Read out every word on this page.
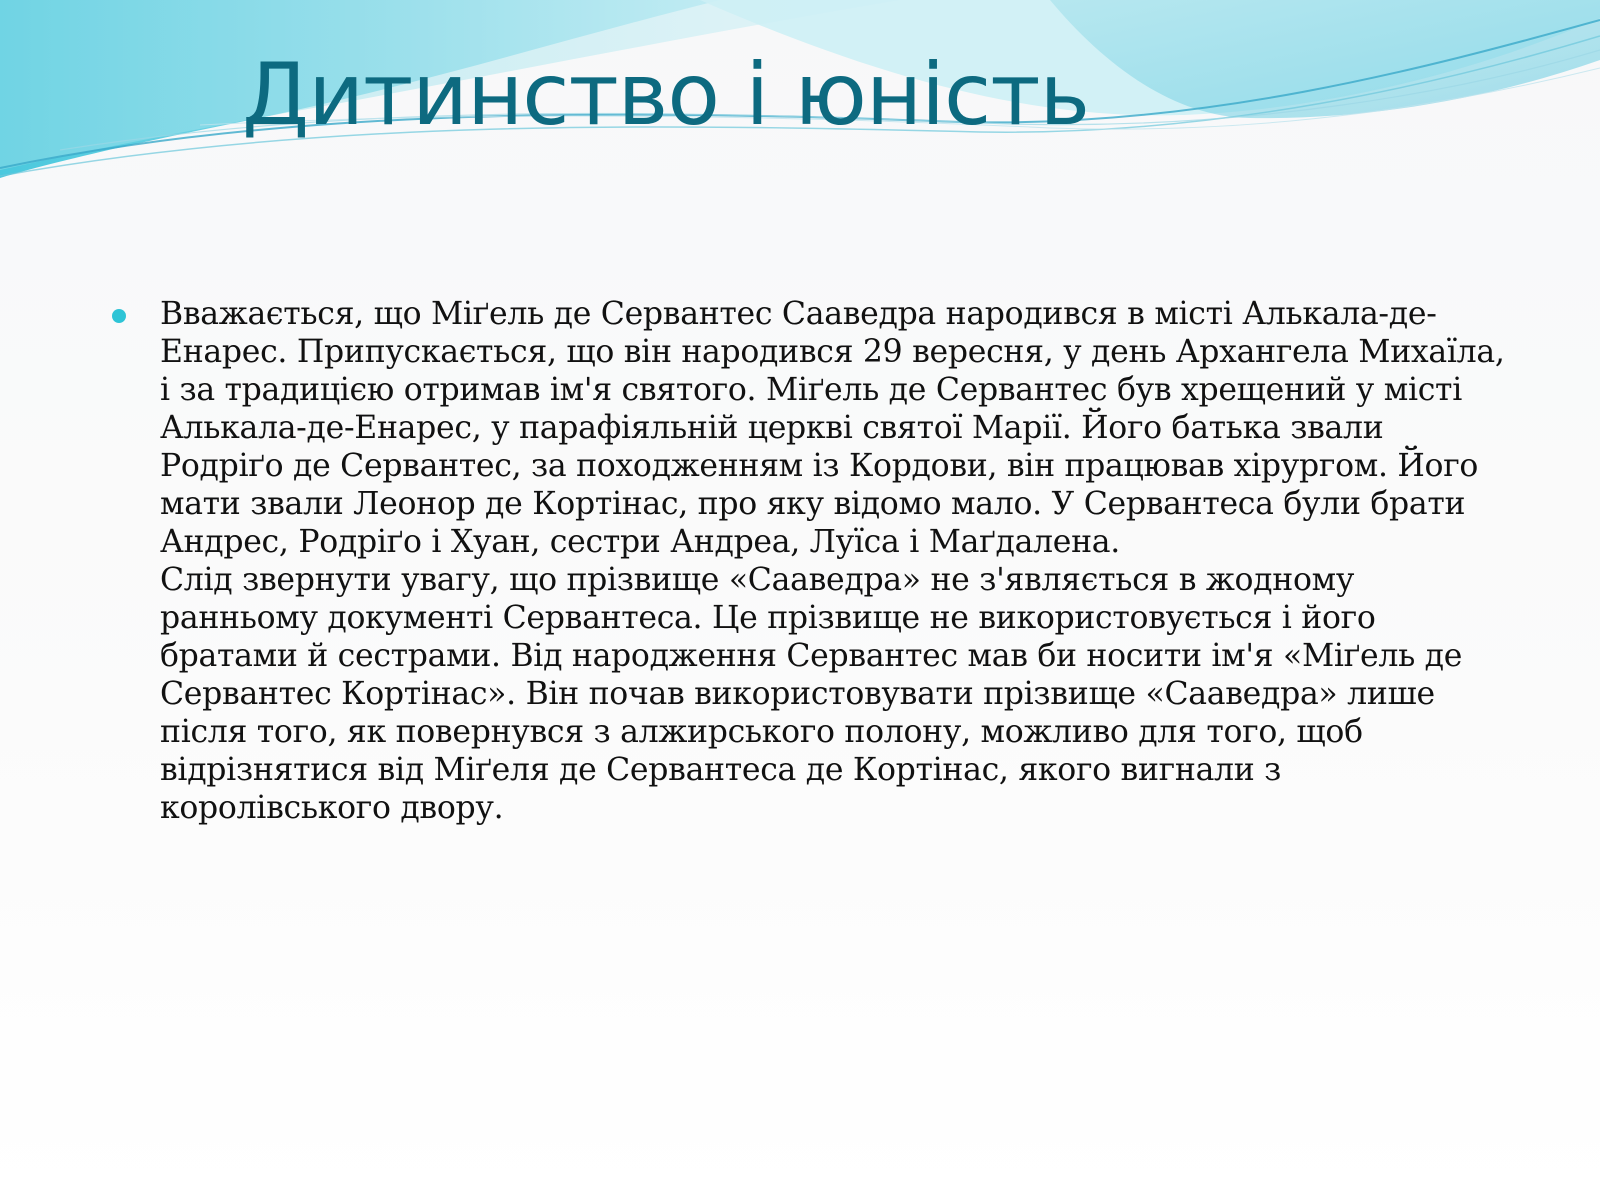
Дитинство і юність

Вважається, що Міґель де Сервантес Сааведра народився в місті Алькала-де-Енарес. Припускається, що він народився 29 вересня, у день Архангела Михаїла, і за традицією отримав ім'я святого. Міґель де Сервантес був хрещений у місті Алькала-де-Енарес, у парафіяльній церкві святої Марії. Його батька звали Родріґо де Сервантес, за походженням із Кордови, він працював хірургом. Його мати звали Леонор де Кортінас, про яку відомо мало. У Сервантеса були брати Андрес, Родріґо і Хуан, сестри Андреа, Луїса і Маґдалена.

Слід звернути увагу, що прізвище «Сааведра» не з'являється в жодному ранньому документі Сервантеса. Це прізвище не використовується і його братами й сестрами. Від народження Сервантес мав би носити ім'я «Міґель де Сервантес Кортінас». Він почав використовувати прізвище «Сааведра» лише після того, як повернувся з алжирського полону, можливо для того, щоб відрізнятися від Міґеля де Сервантеса де Кортінас, якого вигнали з королівського двору.
